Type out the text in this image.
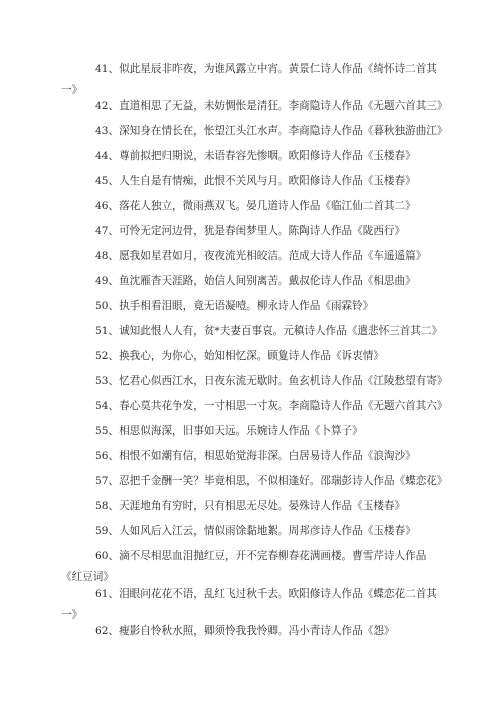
41、似此星辰非昨夜，为谁风露立中宵。黄景仁诗人作品《绮怀诗二首其
一》
42、直道相思了无益，未妨惆怅是清狂。李商隐诗人作品《无题六首其三》
43、深知身在情长在，怅望江头江水声。李商隐诗人作品《暮秋独游曲江》
44、尊前拟把归期说，未语春容先惨咽。欧阳修诗人作品《玉楼春》
45、人生自是有情痴，此恨不关风与月。欧阳修诗人作品《玉楼春》
46、落花人独立，微雨燕双飞。晏几道诗人作品《临江仙二首其二》
47、可怜无定河边骨，犹是春闺梦里人。陈陶诗人作品《陇西行》
48、愿我如星君如月，夜夜流光相皎洁。范成大诗人作品《车遥遥篇》
49、鱼沈雁杳天涯路，始信人间别离苦。戴叔伦诗人作品《相思曲》
50、执手相看泪眼，竟无语凝噎。柳永诗人作品《雨霖铃》
51、诚知此恨人人有，贫*夫妻百事哀。元稹诗人作品《遣悲怀三首其二》
52、换我心，为你心，始知相忆深。顾夐诗人作品《诉衷情》
53、忆君心似西江水，日夜东流无歇时。鱼玄机诗人作品《江陵愁望有寄》
54、春心莫共花争发，一寸相思一寸灰。李商隐诗人作品《无题六首其六》
55、相思似海深，旧事如天远。乐婉诗人作品《卜算子》
56、相恨不如潮有信，相思始觉海非深。白居易诗人作品《浪淘沙》
57、忍把千金酬一笑？毕竟相思，不似相逢好。邵瑞彭诗人作品《蝶恋花》
58、天涯地角有穷时，只有相思无尽处。晏殊诗人作品《玉楼春》
59、人如风后入江云，情似雨馀黏地絮。周邦彦诗人作品《玉楼春》
60、滴不尽相思血泪抛红豆，开不完春柳春花满画楼。曹雪芹诗人作品
《红豆词》
61、泪眼问花花不语，乱红飞过秋千去。欧阳修诗人作品《蝶恋花二首其
一》
62、瘦影自怜秋水照，卿须怜我我怜卿。冯小青诗人作品《怨》
